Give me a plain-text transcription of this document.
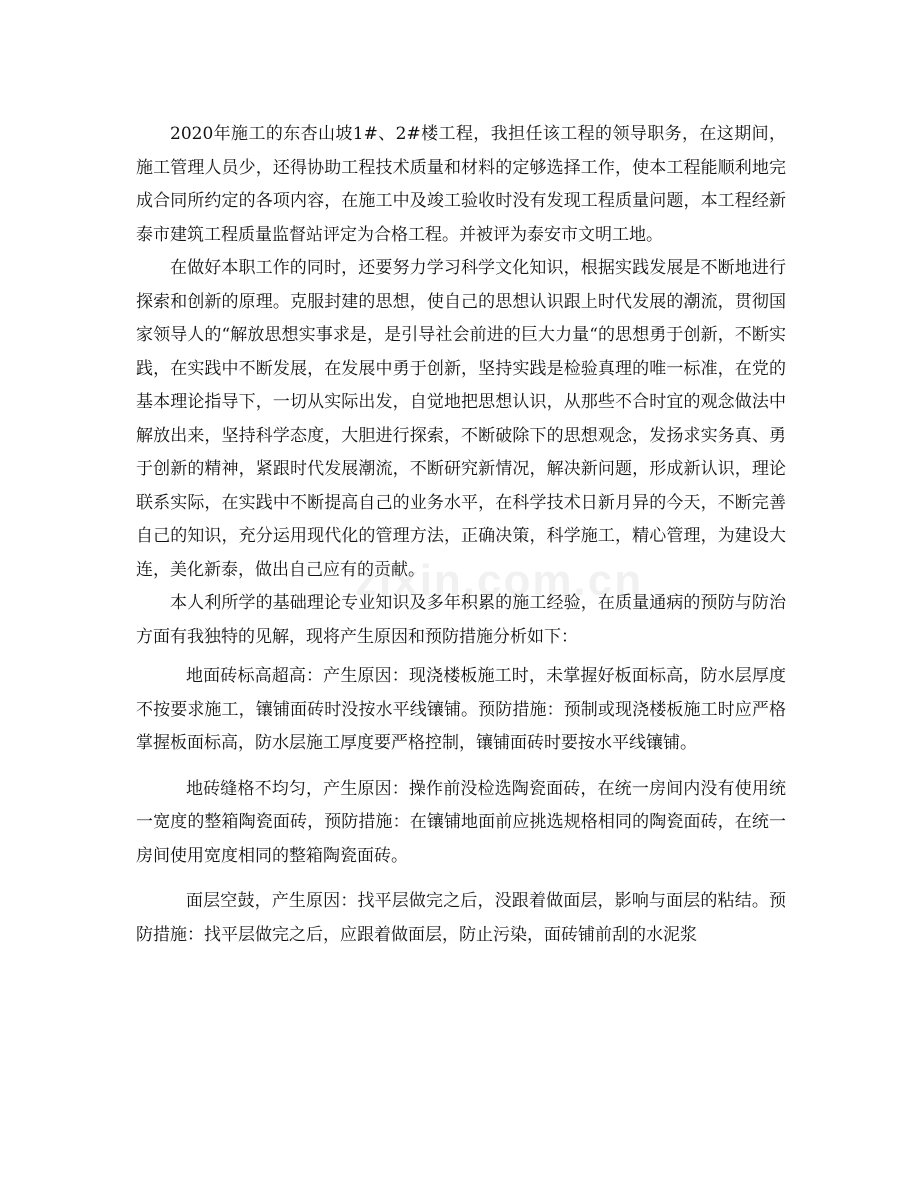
2020年施工的东杏山坡1#、2#楼工程，我担任该工程的领导职务，在这期间，施工管理人员少，还得协助工程技术质量和材料的定够选择工作，使本工程能顺利地完成合同所约定的各项内容，在施工中及竣工验收时没有发现工程质量问题，本工程经新泰市建筑工程质量监督站评定为合格工程。并被评为泰安市文明工地。

在做好本职工作的同时，还要努力学习科学文化知识，根据实践发展是不断地进行探索和创新的原理。克服封建的思想，使自己的思想认识跟上时代发展的潮流，贯彻国家领导人的“解放思想实事求是，是引导社会前进的巨大力量“的思想勇于创新，不断实践，在实践中不断发展，在发展中勇于创新，坚持实践是检验真理的唯一标准，在党的基本理论指导下，一切从实际出发，自觉地把思想认识，从那些不合时宜的观念做法中解放出来，坚持科学态度，大胆进行探索，不断破除下的思想观念，发扬求实务真、勇于创新的精神，紧跟时代发展潮流，不断研究新情况，解决新问题，形成新认识，理论联系实际，在实践中不断提高自己的业务水平，在科学技术日新月异的今天，不断完善自己的知识，充分运用现代化的管理方法，正确决策，科学施工，精心管理，为建设大连，美化新泰，做出自己应有的贡献。

本人利所学的基础理论专业知识及多年积累的施工经验，在质量通病的预防与防治方面有我独特的见解，现将产生原因和预防措施分析如下：

地面砖标高超高：产生原因：现浇楼板施工时，未掌握好板面标高，防水层厚度不按要求施工，镶铺面砖时没按水平线镶铺。预防措施：预制或现浇楼板施工时应严格掌握板面标高，防水层施工厚度要严格控制，镶铺面砖时要按水平线镶铺。

地砖缝格不均匀，产生原因：操作前没检选陶瓷面砖，在统一房间内没有使用统一宽度的整箱陶瓷面砖，预防措施：在镶铺地面前应挑选规格相同的陶瓷面砖，在统一房间使用宽度相同的整箱陶瓷面砖。

面层空鼓，产生原因：找平层做完之后，没跟着做面层，影响与面层的粘结。预防措施：找平层做完之后，应跟着做面层，防止污染，面砖铺前刮的水泥浆

zixin.com.cn
